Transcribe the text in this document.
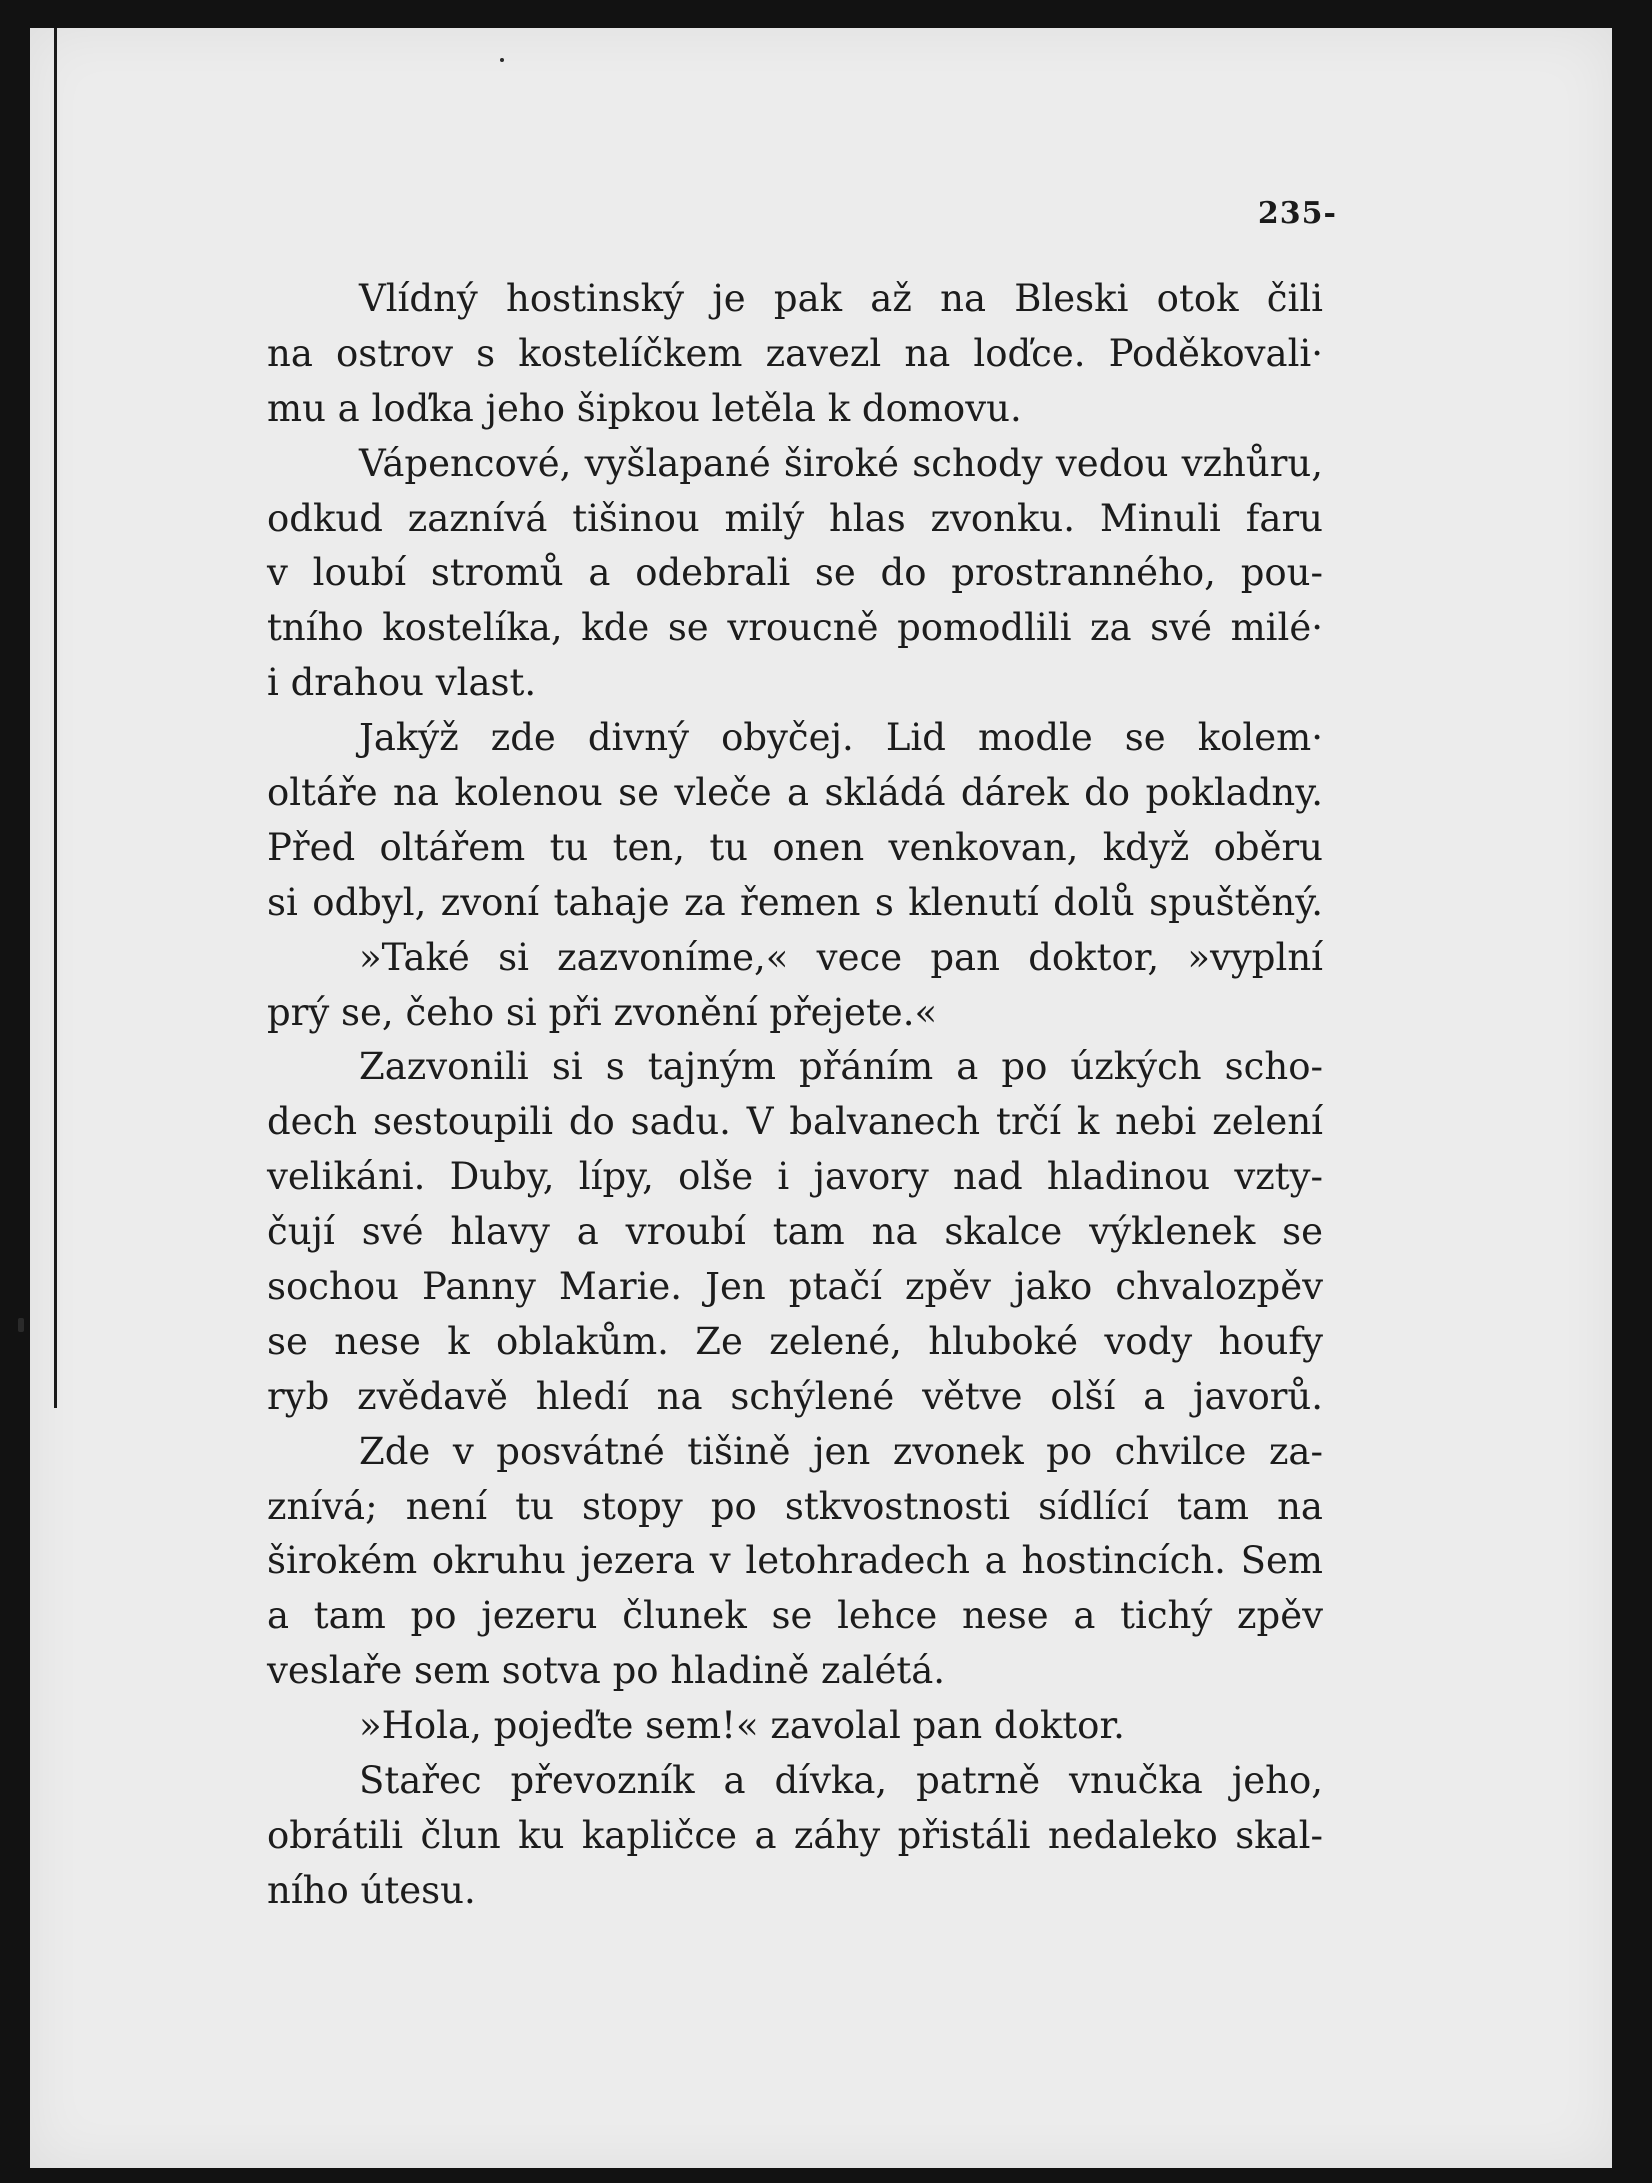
235-
Vlídný hostinský je pak až na Bleski otok čili
na ostrov s kostelíčkem zavezl na loďce. Poděkovali·
mu a loďka jeho šipkou letěla k domovu.
Vápencové, vyšlapané široké schody vedou vzhůru,
odkud zaznívá tišinou milý hlas zvonku. Minuli faru
v loubí stromů a odebrali se do prostranného, pou-
tního kostelíka, kde se vroucně pomodlili za své milé·
i drahou vlast.
Jakýž zde divný obyčej. Lid modle se kolem·
oltáře na kolenou se vleče a skládá dárek do pokladny.
Před oltářem tu ten, tu onen venkovan, když oběru
si odbyl, zvoní tahaje za řemen s klenutí dolů spuštěný.
»Také si zazvoníme,« vece pan doktor, »vyplní
prý se, čeho si při zvonění přejete.«
Zazvonili si s tajným přáním a po úzkých scho-
dech sestoupili do sadu. V balvanech trčí k nebi zelení
velikáni. Duby, lípy, olše i javory nad hladinou vzty-
čují své hlavy a vroubí tam na skalce výklenek se
sochou Panny Marie. Jen ptačí zpěv jako chvalozpěv
se nese k oblakům. Ze zelené, hluboké vody houfy
ryb zvědavě hledí na schýlené větve olší a javorů.
Zde v posvátné tišině jen zvonek po chvilce za-
znívá; není tu stopy po stkvostnosti sídlící tam na
širokém okruhu jezera v letohradech a hostincích. Sem
a tam po jezeru člunek se lehce nese a tichý zpěv
veslaře sem sotva po hladině zalétá.
»Hola, pojeďte sem!« zavolal pan doktor.
Stařec převozník a dívka, patrně vnučka jeho,
obrátili člun ku kapličce a záhy přistáli nedaleko skal-
ního útesu.
